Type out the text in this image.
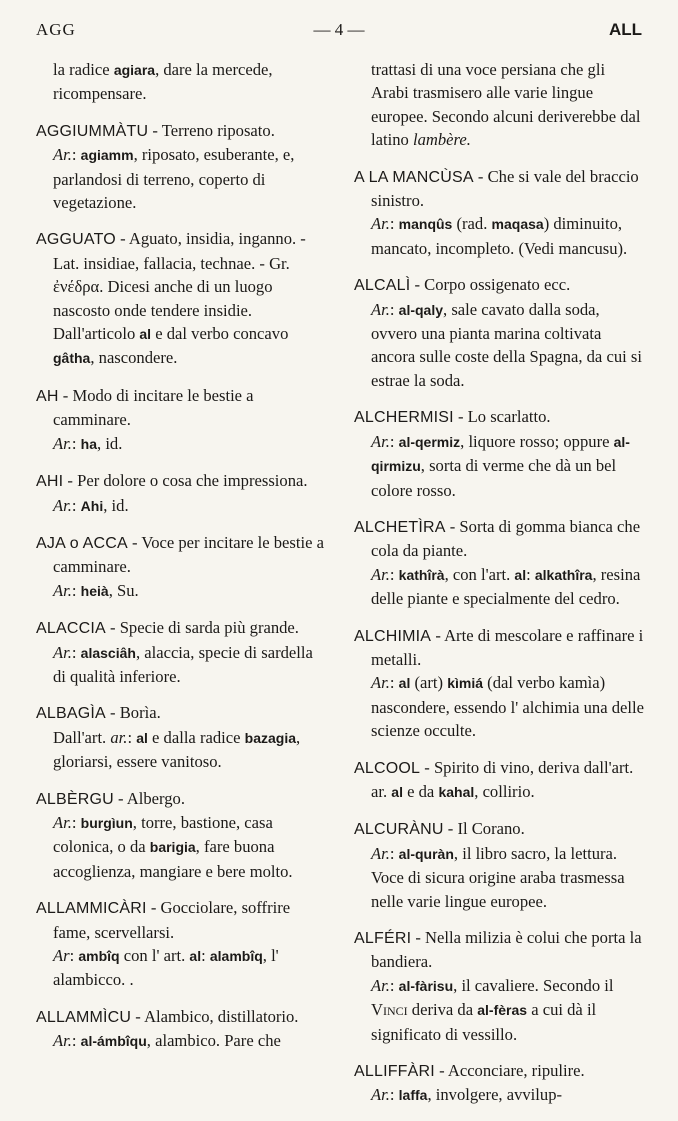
AGG	— 4 —	ALL

la radice agiara, dare la mercede, ricompensare.

AGGIUMMÀTU - Terreno riposato.
Ar.: agiamm, riposato, esuberante, e, parlandosi di terreno, coperto di vegetazione.

AGGUATO - Aguato, insidia, inganno. - Lat. insidiae, fallacia, technae. - Gr. ἐνέδρα. Dicesi anche di un luogo nascosto onde tendere insidie. Dall'articolo al e dal verbo concavo gâtha, nascondere.

AH - Modo di incitare le bestie a camminare.
Ar.: ha, id.

AHI - Per dolore o cosa che impressiona.
Ar.: Ahi, id.

AJA o ACCA - Voce per incitare le bestie a camminare.
Ar.: heià, Su.

ALACCIA - Specie di sarda più grande.
Ar.: alasciâh, alaccia, specie di sardella di qualità inferiore.

ALBAGÌA - Borìa.
Dall'art. ar.: al e dalla radice bazagia, gloriarsi, essere vanitoso.

ALBÈRGU - Albergo.
Ar.: burgìun, torre, bastione, casa colonica, o da barigia, fare buona accoglienza, mangiare e bere molto.

ALLAMMICÀRI - Gocciolare, soffrire fame, scervellarsi.
Ar: ambîq con l' art. al: alambîq, l' alambicco. .

ALLAMMÌCU - Alambico, distillatorio.
Ar.: al-ámbîqu, alambico. Pare che

trattasi di una voce persiana che gli Arabi trasmisero alle varie lingue europee. Secondo alcuni deriverebbe dal latino lambère.

A LA MANCÙSA - Che si vale del braccio sinistro.
Ar.: manqûs (rad. maqasa) diminuito, mancato, incompleto. (Vedi mancusu).

ALCALÌ - Corpo ossigenato ecc.
Ar.: al-qaly, sale cavato dalla soda, ovvero una pianta marina coltivata ancora sulle coste della Spagna, da cui si estrae la soda.

ALCHERMISI - Lo scarlatto.
Ar.: al-qermiz, liquore rosso; oppure al-qirmizu, sorta di verme che dà un bel colore rosso.

ALCHETÌRA - Sorta di gomma bianca che cola da piante.
Ar.: kathîrà, con l'art. al: alkathîra, resina delle piante e specialmente del cedro.

ALCHIMIA - Arte di mescolare e raffinare i metalli.
Ar.: al (art) kìmiá (dal verbo kamìa) nascondere, essendo l' alchimia una delle scienze occulte.

ALCOOL - Spirito di vino, deriva dall'art. ar. al e da kahal, collirio.

ALCURÀNU - Il Corano.
Ar.: al-quràn, il libro sacro, la lettura. Voce di sicura origine araba trasmessa nelle varie lingue europee.

ALFÉRI - Nella milizia è colui che porta la bandiera.
Ar.: al-fàrisu, il cavaliere. Secondo il Vinci deriva da al-fèras a cui dà il significato di vessillo.

ALLIFFÀRI - Acconciare, ripulire.
Ar.: laffa, involgere, avvilup-
